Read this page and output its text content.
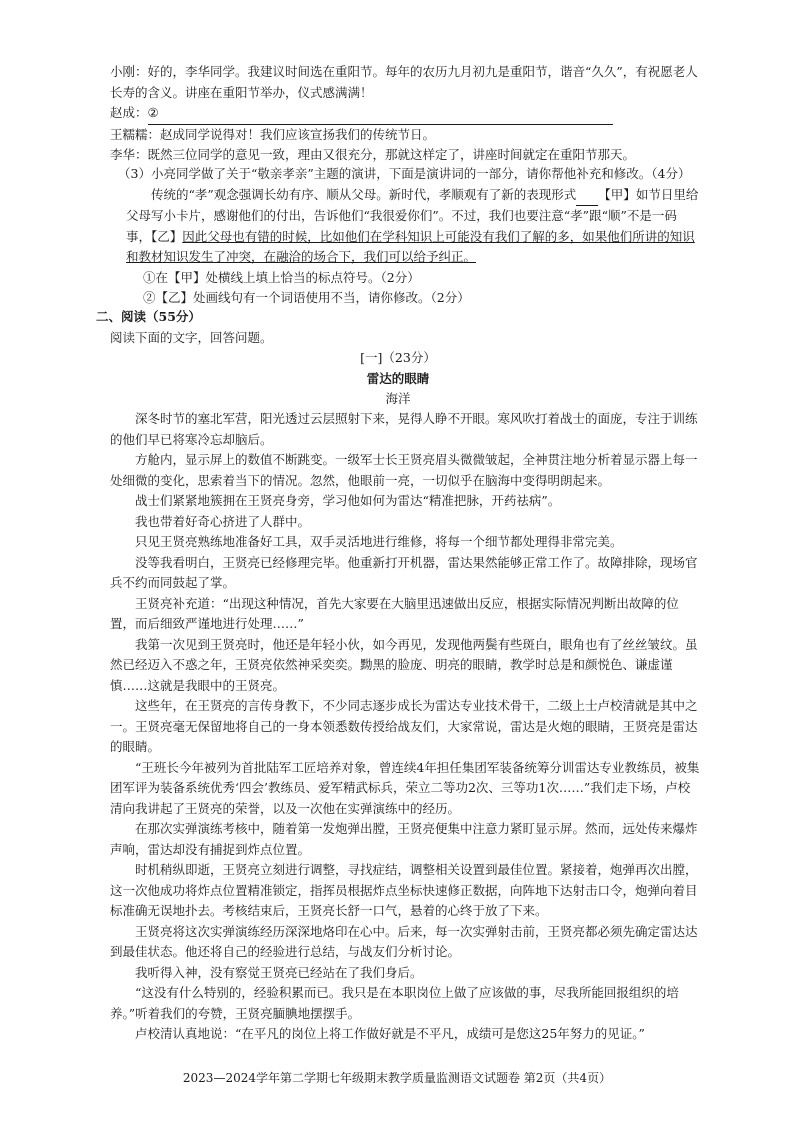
小刚：好的，李华同学。我建议时间选在重阳节。每年的农历九月初九是重阳节，谐音“久久”，有祝愿老人长寿的含义。讲座在重阳节举办，仪式感满满！

赵成：②

王糯糯：赵成同学说得对！我们应该宣扬我们的传统节日。

李华：既然三位同学的意见一致，理由又很充分，那就这样定了，讲座时间就定在重阳节那天。

（3）小亮同学做了关于“敬亲孝亲”主题的演讲，下面是演讲词的一部分，请你帮他补充和修改。（4分）

传统的“孝”观念强调长幼有序、顺从父母。新时代，孝顺观有了新的表现形式 【甲】如节日里给父母写小卡片，感谢他们的付出，告诉他们“我很爱你们”。不过，我们也要注意“孝”跟“顺”不是一码事，【乙】因此父母也有错的时候，比如他们在学科知识上可能没有我们了解的多，如果他们所讲的知识和教材知识发生了冲突，在融洽的场合下，我们可以给予纠正。

①在【甲】处横线上填上恰当的标点符号。（2分）

②【乙】处画线句有一个词语使用不当，请你修改。（2分）

二、阅读（55分）

阅读下面的文字，回答问题。

[一]（23分）

雷达的眼睛

海洋

深冬时节的塞北军营，阳光透过云层照射下来，晃得人睁不开眼。寒风吹打着战士的面庞，专注于训练的他们早已将寒冷忘却脑后。

方舱内，显示屏上的数值不断跳变。一级军士长王贤亮眉头微微皱起，全神贯注地分析着显示器上每一处细微的变化，思索着当下的情况。忽然，他眼前一亮，一切似乎在脑海中变得明朗起来。

战士们紧紧地簇拥在王贤亮身旁，学习他如何为雷达“精准把脉，开药祛病”。

我也带着好奇心挤进了人群中。

只见王贤亮熟练地准备好工具，双手灵活地进行维修，将每一个细节都处理得非常完美。

没等我看明白，王贤亮已经修理完毕。他重新打开机器，雷达果然能够正常工作了。故障排除，现场官兵不约而同鼓起了掌。

王贤亮补充道：“出现这种情况，首先大家要在大脑里迅速做出反应，根据实际情况判断出故障的位置，而后细致严谨地进行处理……”

我第一次见到王贤亮时，他还是年轻小伙，如今再见，发现他两鬓有些斑白，眼角也有了丝丝皱纹。虽然已经迈入不惑之年，王贤亮依然神采奕奕。黝黑的脸庞、明亮的眼睛，教学时总是和颜悦色、谦虚谨慎……这就是我眼中的王贤亮。

这些年，在王贤亮的言传身教下，不少同志逐步成长为雷达专业技术骨干，二级上士卢校清就是其中之一。王贤亮毫无保留地将自己的一身本领悉数传授给战友们，大家常说，雷达是火炮的眼睛，王贤亮是雷达的眼睛。

“王班长今年被列为首批陆军工匠培养对象，曾连续4年担任集团军装备统筹分训雷达专业教练员，被集团军评为装备系统优秀‘四会’教练员、爱军精武标兵，荣立二等功2次、三等功1次……”我们走下场，卢校清向我讲起了王贤亮的荣誉，以及一次他在实弹演练中的经历。

在那次实弹演练考核中，随着第一发炮弹出膛，王贤亮便集中注意力紧盯显示屏。然而，远处传来爆炸声响，雷达却没有捕捉到炸点位置。

时机稍纵即逝，王贤亮立刻进行调整，寻找症结，调整相关设置到最佳位置。紧接着，炮弹再次出膛，这一次他成功将炸点位置精准锁定，指挥员根据炸点坐标快速修正数据，向阵地下达射击口令，炮弹向着目标准确无误地扑去。考核结束后，王贤亮长舒一口气，悬着的心终于放了下来。

王贤亮将这次实弹演练经历深深地烙印在心中。后来，每一次实弹射击前，王贤亮都必须先确定雷达达到最佳状态。他还将自己的经验进行总结，与战友们分析讨论。

我听得入神，没有察觉王贤亮已经站在了我们身后。

“这没有什么特别的，经验积累而已。我只是在本职岗位上做了应该做的事，尽我所能回报组织的培养。”听着我们的夸赞，王贤亮腼腆地摆摆手。

卢校清认真地说：“在平凡的岗位上将工作做好就是不平凡，成绩可是您这25年努力的见证。”

2023—2024学年第二学期七年级期末教学质量监测语文试题卷 第2页（共4页）
